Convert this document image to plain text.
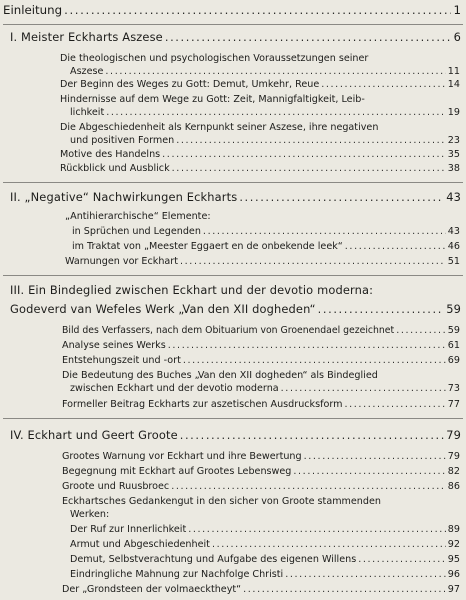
Einleitung .....	1
I. Meister Eckharts Aszese .....	6
Die theologischen und psychologischen Voraussetzungen seiner
Aszese .....	11
Der Beginn des Weges zu Gott: Demut, Umkehr, Reue .....	14
Hindernisse auf dem Wege zu Gott: Zeit, Mannigfaltigkeit, Leib-
lichkeit .....	19
Die Abgeschiedenheit als Kernpunkt seiner Aszese, ihre negativen
und positiven Formen .....	23
Motive des Handelns .....	35
Rückblick und Ausblick .....	38
II. „Negative“ Nachwirkungen Eckharts .....	43
„Antihierarchische“ Elemente:
in Sprüchen und Legenden .....	43
im Traktat von „Meester Eggaert en de onbekende leek“ .....	46
Warnungen vor Eckhart .....	51
III. Ein Bindeglied zwischen Eckhart und der devotio moderna:
Godeverd van Wefeles Werk „Van den XII dogheden“ .....	59
Bild des Verfassers, nach dem Obituarium von Groenendael gezeichnet .....	59
Analyse seines Werks .....	61
Entstehungszeit und -ort .....	69
Die Bedeutung des Buches „Van den XII dogheden“ als Bindeglied
zwischen Eckhart und der devotio moderna .....	73
Formeller Beitrag Eckharts zur aszetischen Ausdrucksform .....	77
IV. Eckhart und Geert Groote .....	79
Grootes Warnung vor Eckhart und ihre Bewertung .....	79
Begegnung mit Eckhart auf Grootes Lebensweg .....	82
Groote und Ruusbroec .....	86
Eckhartsches Gedankengut in den sicher von Groote stammenden
Werken:
Der Ruf zur Innerlichkeit .....	89
Armut und Abgeschiedenheit .....	92
Demut, Selbstverachtung und Aufgabe des eigenen Willens .....	95
Eindringliche Mahnung zur Nachfolge Christi .....	96
Der „Grondsteen der volmaecktheyt“ .....	97
